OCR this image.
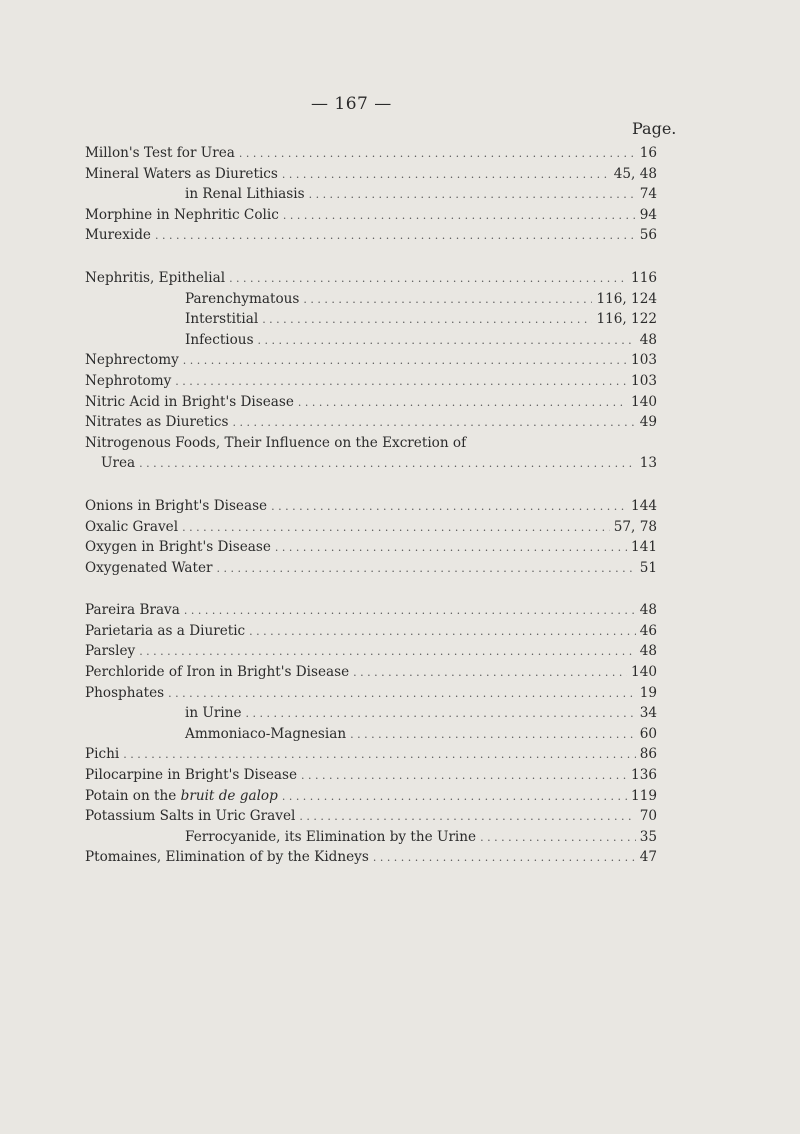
— 167 —
Page.
Millon's Test for Urea . . .	16
Mineral Waters as Diuretics . . .	45, 48
in Renal Lithiasis . . .	74
Morphine in Nephritic Colic . . .	94
Murexide . . .	56
Nephritis, Epithelial . . .	116
Parenchymatous . . .	116, 124
Interstitial . . .	116, 122
Infectious . . .	48
Nephrectomy . . .	103
Nephrotomy . . .	103
Nitric Acid in Bright's Disease . . .	140
Nitrates as Diuretics . . .	49
Nitrogenous Foods, Their Influence on the Excretion of
Urea . . .	13
Onions in Bright's Disease . . .	144
Oxalic Gravel . . .	57, 78
Oxygen in Bright's Disease . . .	141
Oxygenated Water . . .	51
Pareira Brava . . .	48
Parietaria as a Diuretic . . .	46
Parsley . . .	48
Perchloride of Iron in Bright's Disease . . .	140
Phosphates . . .	19
in Urine . . .	34
Ammoniaco-Magnesian . . .	60
Pichi . . .	86
Pilocarpine in Bright's Disease . . .	136
Potain on the bruit de galop . . .	119
Potassium Salts in Uric Gravel . . .	70
Ferrocyanide, its Elimination by the Urine . . .	35
Ptomaines, Elimination of by the Kidneys . . .	47
